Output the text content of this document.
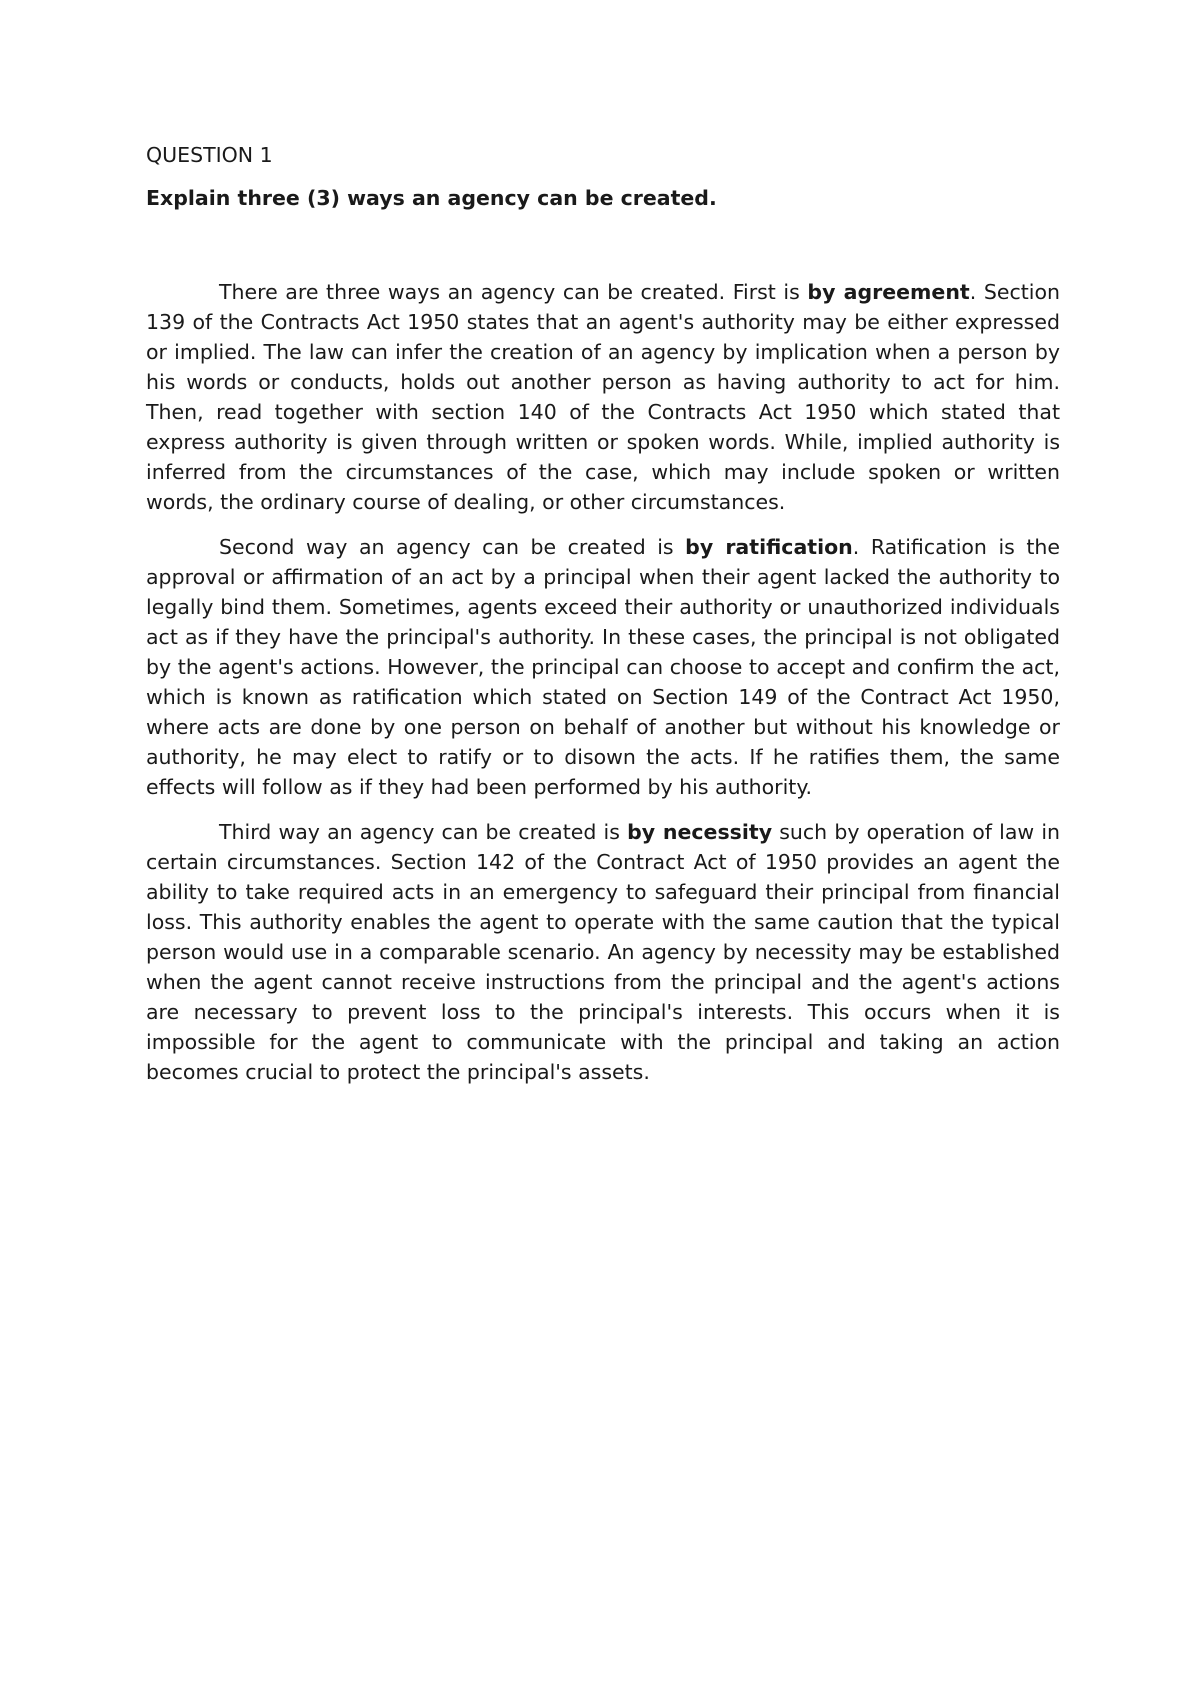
QUESTION 1
Explain three (3) ways an agency can be created.

There are three ways an agency can be created. First is by agreement. Section 139 of the Contracts Act 1950 states that an agent's authority may be either expressed or implied. The law can infer the creation of an agency by implication when a person by his words or conducts, holds out another person as having authority to act for him. Then, read together with section 140 of the Contracts Act 1950 which stated that express authority is given through written or spoken words. While, implied authority is inferred from the circumstances of the case, which may include spoken or written words, the ordinary course of dealing, or other circumstances.

Second way an agency can be created is by ratification. Ratification is the approval or affirmation of an act by a principal when their agent lacked the authority to legally bind them. Sometimes, agents exceed their authority or unauthorized individuals act as if they have the principal's authority. In these cases, the principal is not obligated by the agent's actions. However, the principal can choose to accept and confirm the act, which is known as ratification which stated on Section 149 of the Contract Act 1950, where acts are done by one person on behalf of another but without his knowledge or authority, he may elect to ratify or to disown the acts. If he ratifies them, the same effects will follow as if they had been performed by his authority.

Third way an agency can be created is by necessity such by operation of law in certain circumstances. Section 142 of the Contract Act of 1950 provides an agent the ability to take required acts in an emergency to safeguard their principal from financial loss. This authority enables the agent to operate with the same caution that the typical person would use in a comparable scenario. An agency by necessity may be established when the agent cannot receive instructions from the principal and the agent's actions are necessary to prevent loss to the principal's interests. This occurs when it is impossible for the agent to communicate with the principal and taking an action becomes crucial to protect the principal's assets.
